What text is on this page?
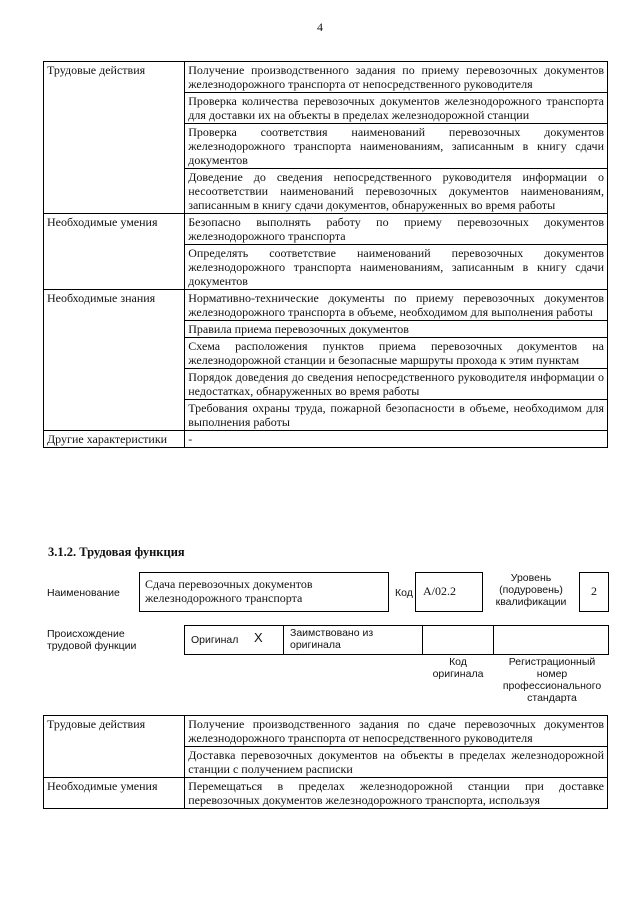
4
Трудовые действия	Получение производственного задания по приему перевозочных документов железнодорожного транспорта от непосредственного руководителя
	Проверка количества перевозочных документов железнодорожного транспорта для доставки их на объекты в пределах железнодорожной станции
	Проверка соответствия наименований перевозочных документов железнодорожного транспорта наименованиям, записанным в книгу сдачи документов
	Доведение до сведения непосредственного руководителя информации о несоответствии наименований перевозочных документов наименованиям, записанным в книгу сдачи документов, обнаруженных во время работы
Необходимые умения	Безопасно выполнять работу по приему перевозочных документов железнодорожного транспорта
	Определять соответствие наименований перевозочных документов железнодорожного транспорта наименованиям, записанным в книгу сдачи документов
Необходимые знания	Нормативно-технические документы по приему перевозочных документов железнодорожного транспорта в объеме, необходимом для выполнения работы
	Правила приема перевозочных документов
	Схема расположения пунктов приема перевозочных документов на железнодорожной станции и безопасные маршруты прохода к этим пунктам
	Порядок доведения до сведения непосредственного руководителя информации о недостатках, обнаруженных во время работы
	Требования охраны труда, пожарной безопасности в объеме, необходимом для выполнения работы
Другие характеристики	-
3.1.2. Трудовая функция
Наименование
Сдача перевозочных документов железнодорожного транспорта	Код А/02.2
Уровень (подуровень) квалификации
2
Происхождение трудовой функции	Оригинал X	Заимствовано из оригинала
Код оригинала
Регистрационный номер профессионального стандарта
Трудовые действия	Получение производственного задания по сдаче перевозочных документов железнодорожного транспорта от непосредственного руководителя
	Доставка перевозочных документов на объекты в пределах железнодорожной станции с получением расписки
Необходимые умения	Перемещаться в пределах железнодорожной станции при доставке перевозочных документов железнодорожного транспорта, используя
